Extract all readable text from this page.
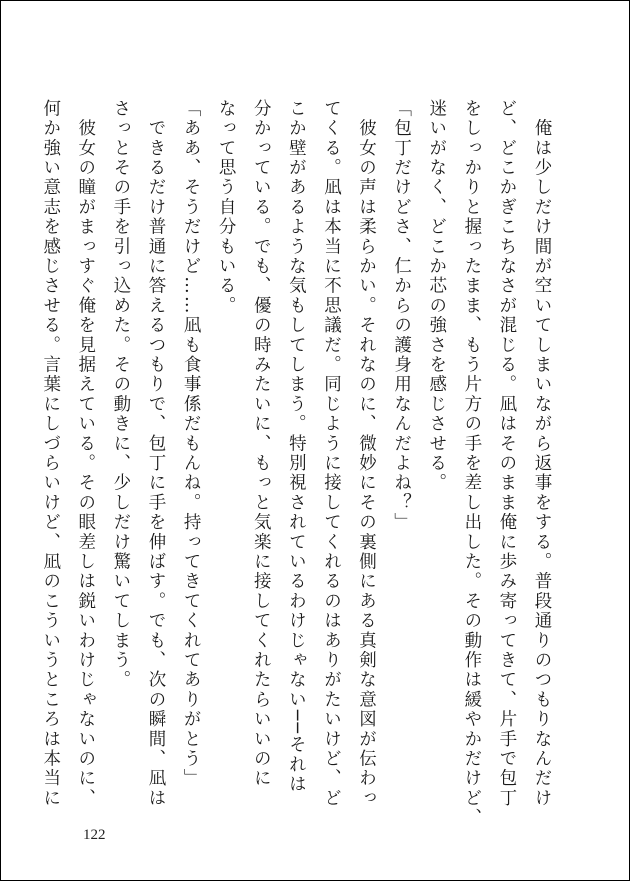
　俺は少しだけ間が空いてしまいながら返事をする。普段通りのつもりなんだけ
ど、どこかぎこちなさが混じる。凪はそのまま俺に歩み寄ってきて、片手で包丁
をしっかりと握ったまま、もう片方の手を差し出した。その動作は緩やかだけど、
迷いがなく、どこか芯の強さを感じさせる。

「包丁だけどさ、仁からの護身用なんだよね？」

　彼女の声は柔らかい。それなのに、微妙にその裏側にある真剣な意図が伝わっ
てくる。凪は本当に不思議だ。同じように接してくれるのはありがたいけど、ど
こか壁があるような気もしてしまう。特別視されているわけじゃない──それは
分かっている。でも、優の時みたいに、もっと気楽に接してくれたらいいのに
なって思う自分もいる。

「ああ、そうだけど……凪も食事係だもんね。持ってきてくれてありがとう」

　できるだけ普通に答えるつもりで、包丁に手を伸ばす。でも、次の瞬間、凪は
さっとその手を引っ込めた。その動きに、少しだけ驚いてしまう。

　彼女の瞳がまっすぐ俺を見据えている。その眼差しは鋭いわけじゃないのに、
何か強い意志を感じさせる。言葉にしづらいけど、凪のこういうところは本当に

122
